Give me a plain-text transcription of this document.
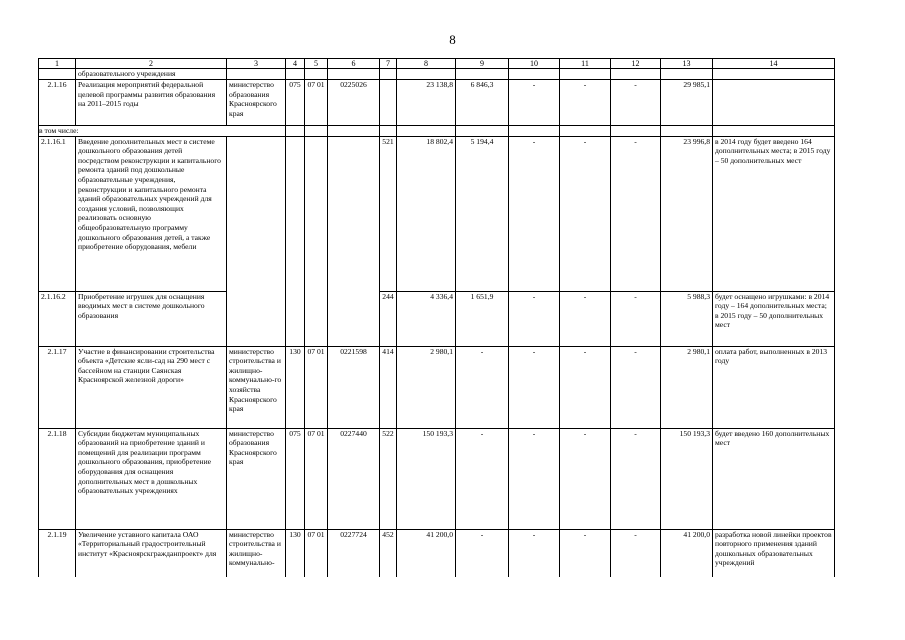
8
1	2	3	4	5	6	7	8	9	10	11	12	13	14
	образовательного учреждения												
2.1.16	Реализация мероприятий федеральной целевой программы развития образования на 2011–2015 годы	министерство образования Красноярского края	075	07 01	0225026		23 138,8	6 846,3	-	-	-	29 985,1	
в том числе:													
2.1.16.1	Введение дополнительных мест в системе дошкольного образования детей посредством реконструкции и капитального ремонта зданий под дошкольные образовательные учреждения, реконструкции и капитального ремонта зданий образовательных учреждений для создания условий, позволяющих реализовать основную общеобразовательную программу дошкольного образования детей, а также приобретение оборудования, мебели					521	18 802,4	5 194,4	-	-	-	23 996,8	в 2014 году будет введено 164 дополнительных места; в 2015 году – 50 дополнительных мест
2.1.16.2	Приобретение игрушек для оснащения вводимых мест в системе дошкольного образования					244	4 336,4	1 651,9	-	-	-	5 988,3	будет оснащено игрушками: в 2014 году – 164 дополнительных места; в 2015 году – 50 дополнительных мест
2.1.17	Участие в финансировании строительства объекта «Детские ясли-сад на 290 мест с бассейном на станции Саянская Красноярской железной дороги»	министерство строительства и жилищно-коммунально-го хозяйства Красноярского края	130	07 01	0221598	414	2 980,1	-	-	-	-	2 980,1	оплата работ, выполненных в 2013 году
2.1.18	Субсидии бюджетам муниципальных образований на приобретение зданий и помещений для реализации программ дошкольного образования, приобретение оборудования для оснащения дополнительных мест в дошкольных образовательных учреждениях	министерство образования Красноярского края	075	07 01	0227440	522	150 193,3	-	-	-	-	150 193,3	будет введено 160 дополнительных мест
2.1.19	Увеличение уставного капитала ОАО «Территориальный градостроительный институт «Красноярскгражданпроект» для	министерство строительства и жилищно-коммунально-	130	07 01	0227724	452	41 200,0	-	-	-	-	41 200,0	разработка новой линейки проектов повторного применения зданий дошкольных образовательных учреждений
